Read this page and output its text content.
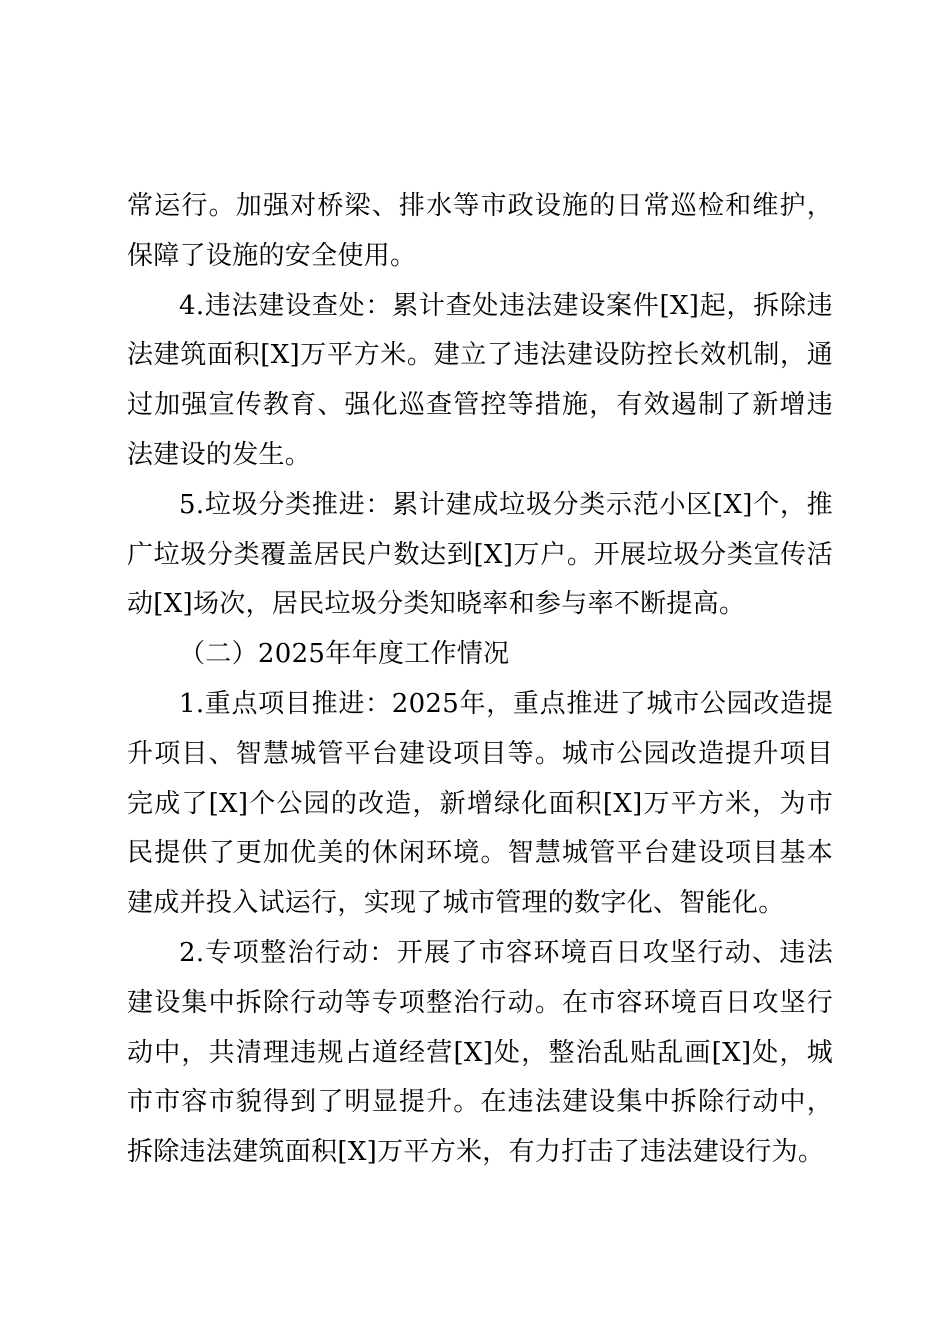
常运行。加强对桥梁、排水等市政设施的日常巡检和维护，保障了设施的安全使用。

4.违法建设查处：累计查处违法建设案件[X]起，拆除违法建筑面积[X]万平方米。建立了违法建设防控长效机制，通过加强宣传教育、强化巡查管控等措施，有效遏制了新增违法建设的发生。

5.垃圾分类推进：累计建成垃圾分类示范小区[X]个，推广垃圾分类覆盖居民户数达到[X]万户。开展垃圾分类宣传活动[X]场次，居民垃圾分类知晓率和参与率不断提高。

（二）2025年年度工作情况

1.重点项目推进：2025年，重点推进了城市公园改造提升项目、智慧城管平台建设项目等。城市公园改造提升项目完成了[X]个公园的改造，新增绿化面积[X]万平方米，为市民提供了更加优美的休闲环境。智慧城管平台建设项目基本建成并投入试运行，实现了城市管理的数字化、智能化。

2.专项整治行动：开展了市容环境百日攻坚行动、违法建设集中拆除行动等专项整治行动。在市容环境百日攻坚行动中，共清理违规占道经营[X]处，整治乱贴乱画[X]处，城市市容市貌得到了明显提升。在违法建设集中拆除行动中，拆除违法建筑面积[X]万平方米，有力打击了违法建设行为。
